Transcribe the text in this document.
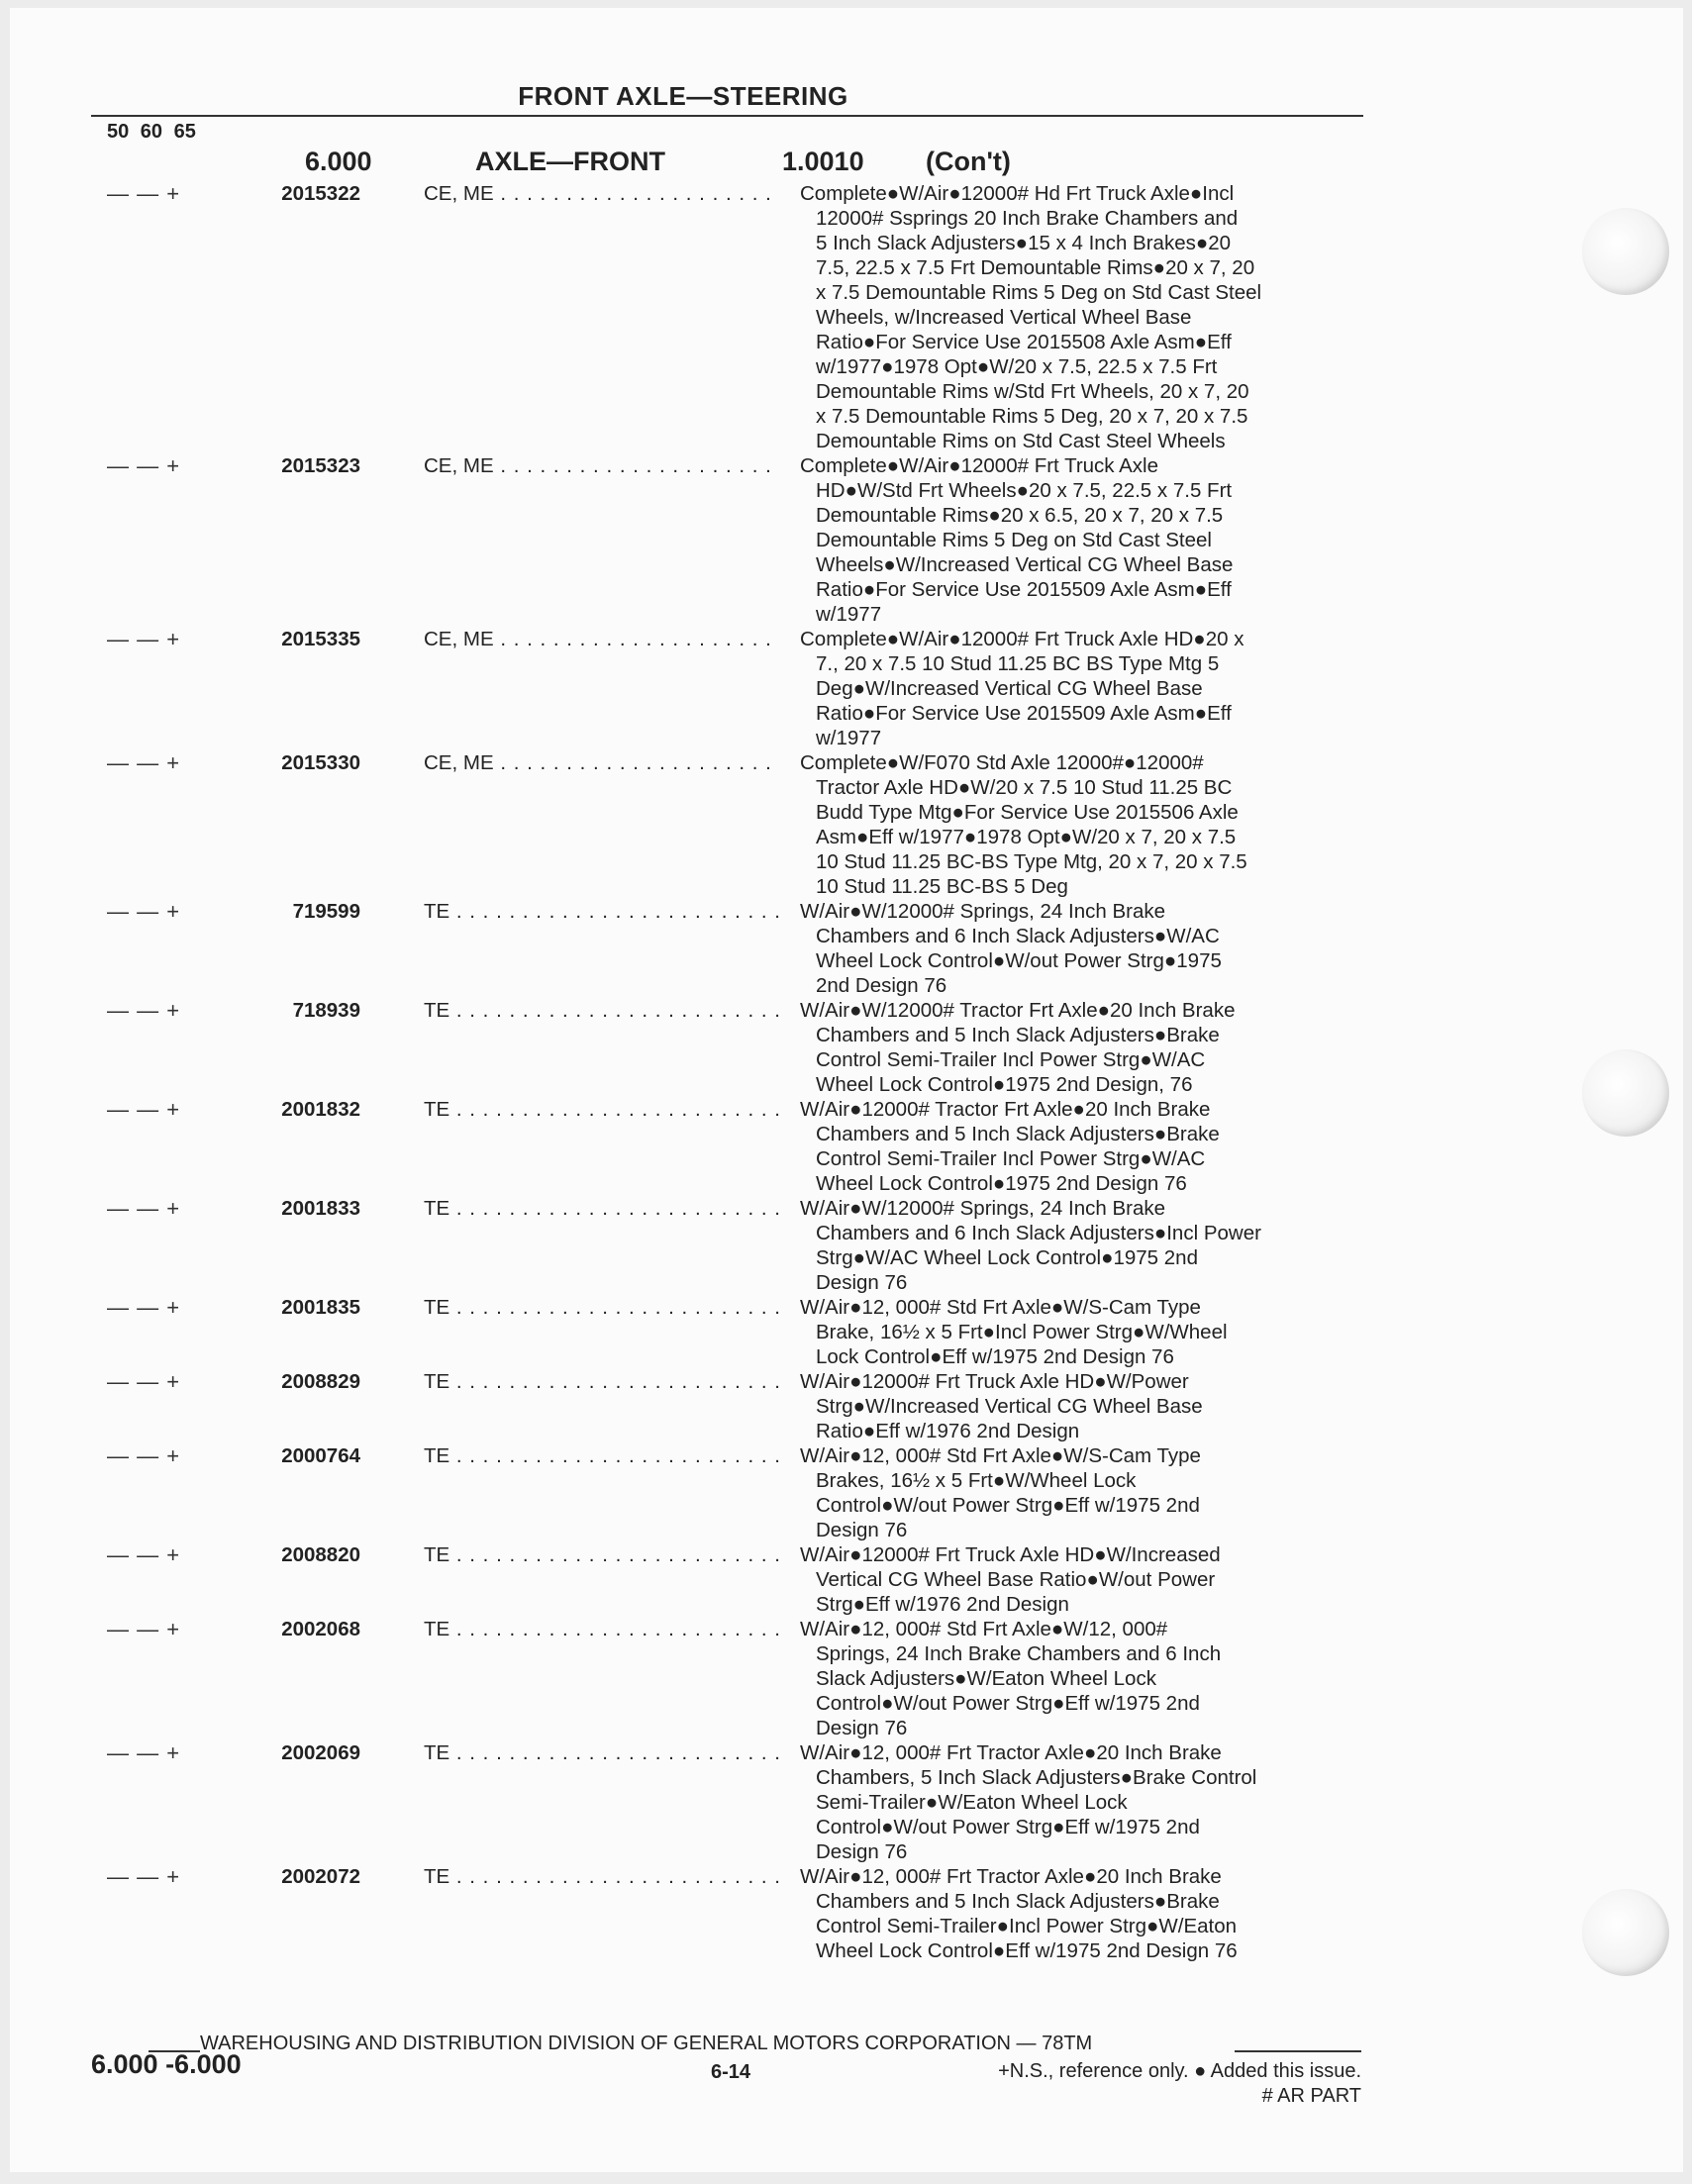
FRONT AXLE—STEERING
50 60 65
6.000	AXLE—FRONT	1.0010 (Con't)
— — +	2015322	CE, ME . . .	Complete●W/Air●12000# Hd Frt Truck Axle●Incl
12000# Ssprings 20 Inch Brake Chambers and
5 Inch Slack Adjusters●15 x 4 Inch Brakes●20
7.5, 22.5 x 7.5 Frt Demountable Rims●20 x 7, 20
x 7.5 Demountable Rims 5 Deg on Std Cast Steel
Wheels, w/Increased Vertical Wheel Base
Ratio●For Service Use 2015508 Axle Asm●Eff
w/1977●1978 Opt●W/20 x 7.5, 22.5 x 7.5 Frt
Demountable Rims w/Std Frt Wheels, 20 x 7, 20
x 7.5 Demountable Rims 5 Deg, 20 x 7, 20 x 7.5
Demountable Rims on Std Cast Steel Wheels
— — +	2015323	CE, ME . . .	Complete●W/Air●12000# Frt Truck Axle
HD●W/Std Frt Wheels●20 x 7.5, 22.5 x 7.5 Frt
Demountable Rims●20 x 6.5, 20 x 7, 20 x 7.5
Demountable Rims 5 Deg on Std Cast Steel
Wheels●W/Increased Vertical CG Wheel Base
Ratio●For Service Use 2015509 Axle Asm●Eff
w/1977
— — +	2015335	CE, ME . . .	Complete●W/Air●12000# Frt Truck Axle HD●20 x
7., 20 x 7.5 10 Stud 11.25 BC BS Type Mtg 5
Deg●W/Increased Vertical CG Wheel Base
Ratio●For Service Use 2015509 Axle Asm●Eff
w/1977
— — +	2015330	CE, ME . . .	Complete●W/F070 Std Axle 12000#●12000#
Tractor Axle HD●W/20 x 7.5 10 Stud 11.25 BC
Budd Type Mtg●For Service Use 2015506 Axle
Asm●Eff w/1977●1978 Opt●W/20 x 7, 20 x 7.5
10 Stud 11.25 BC-BS Type Mtg, 20 x 7, 20 x 7.5
10 Stud 11.25 BC-BS 5 Deg
— — +	719599	TE . . .	W/Air●W/12000# Springs, 24 Inch Brake
Chambers and 6 Inch Slack Adjusters●W/AC
Wheel Lock Control●W/out Power Strg●1975
2nd Design 76
— — +	718939	TE . . .	W/Air●W/12000# Tractor Frt Axle●20 Inch Brake
Chambers and 5 Inch Slack Adjusters●Brake
Control Semi-Trailer Incl Power Strg●W/AC
Wheel Lock Control●1975 2nd Design, 76
— — +	2001832	TE . . .	W/Air●12000# Tractor Frt Axle●20 Inch Brake
Chambers and 5 Inch Slack Adjusters●Brake
Control Semi-Trailer Incl Power Strg●W/AC
Wheel Lock Control●1975 2nd Design 76
— — +	2001833	TE . . .	W/Air●W/12000# Springs, 24 Inch Brake
Chambers and 6 Inch Slack Adjusters●Incl Power
Strg●W/AC Wheel Lock Control●1975 2nd
Design 76
— — +	2001835	TE . . .	W/Air●12, 000# Std Frt Axle●W/S-Cam Type
Brake, 16½ x 5 Frt●Incl Power Strg●W/Wheel
Lock Control●Eff w/1975 2nd Design 76
— — +	2008829	TE . . .	W/Air●12000# Frt Truck Axle HD●W/Power
Strg●W/Increased Vertical CG Wheel Base
Ratio●Eff w/1976 2nd Design
— — +	2000764	TE . . .	W/Air●12, 000# Std Frt Axle●W/S-Cam Type
Brakes, 16½ x 5 Frt●W/Wheel Lock
Control●W/out Power Strg●Eff w/1975 2nd
Design 76
— — +	2008820	TE . . .	W/Air●12000# Frt Truck Axle HD●W/Increased
Vertical CG Wheel Base Ratio●W/out Power
Strg●Eff w/1976 2nd Design
— — +	2002068	TE . . .	W/Air●12, 000# Std Frt Axle●W/12, 000#
Springs, 24 Inch Brake Chambers and 6 Inch
Slack Adjusters●W/Eaton Wheel Lock
Control●W/out Power Strg●Eff w/1975 2nd
Design 76
— — +	2002069	TE . . .	W/Air●12, 000# Frt Tractor Axle●20 Inch Brake
Chambers, 5 Inch Slack Adjusters●Brake Control
Semi-Trailer●W/Eaton Wheel Lock
Control●W/out Power Strg●Eff w/1975 2nd
Design 76
— — +	2002072	TE . . .	W/Air●12, 000# Frt Tractor Axle●20 Inch Brake
Chambers and 5 Inch Slack Adjusters●Brake
Control Semi-Trailer●Incl Power Strg●W/Eaton
Wheel Lock Control●Eff w/1975 2nd Design 76
WAREHOUSING AND DISTRIBUTION DIVISION OF GENERAL MOTORS CORPORATION — 78TM
6.000 -6.000	6-14	+N.S., reference only. ● Added this issue.
# AR PART
